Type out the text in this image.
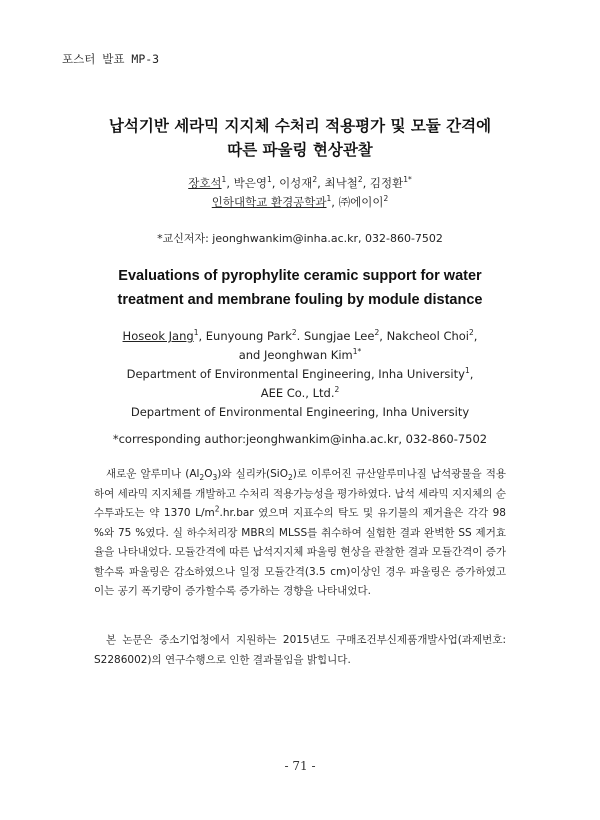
포스터 발표 MP-3
납석기반 세라믹 지지체 수처리 적용평가 및 모듈 간격에
따른 파울링 현상관찰
장호석$^1$, 박은영$^1$, 이성재$^2$, 최낙철$^2$, 김정환$^{1*}$
인하대학교 환경공학과$^1$, ㈜에이이$^2$
*교신저자: jeonghwankim@inha.ac.kr, 032-860-7502
Evaluations of pyrophylite ceramic support for water
treatment and membrane fouling by module distance
Hoseok Jang$^1$, Eunyoung Park$^2$. Sungjae Lee$^2$, Nakcheol Choi$^2$,
and Jeonghwan Kim$^{1*}$
Department of Environmental Engineering, Inha University$^1$,
AEE Co., Ltd.$^2$
Department of Environmental Engineering, Inha University
*corresponding author:jeonghwankim@inha.ac.kr, 032-860-7502

새로운 알루미나 $(Al_2O_3)$와 실리카(SiO$_2$)로 이루어진 규산알루미나질 납석광물을 적용하여 세라믹 지지체를 개발하고 수처리 적용가능성을 평가하였다. 납석 세라믹 지지체의 순수투과도는 약 1370 $L/m^2.hr.bar$ 였으며 지표수의 탁도 및 유기물의 제거율은 각각 98 %와 75 %였다. 실 하수처리장 MBR의 MLSS를 취수하여 실험한 결과 완벽한 SS 제거효율을 나타내었다. 모듈간격에 따른 납석지지체 파울링 현상을 관찰한 결과 모듈간격이 증가할수록 파울링은 감소하였으나 일정 모듈간격(3.5 cm)이상인 경우 파울링은 증가하였고 이는 공기 폭기량이 증가할수록 증가하는 경향을 나타내었다.

본 논문은 중소기업청에서 지원하는 2015년도 구매조건부신제품개발사업(과제번호: S2286002)의 연구수행으로 인한 결과물임을 밝힙니다.

- 71 -
